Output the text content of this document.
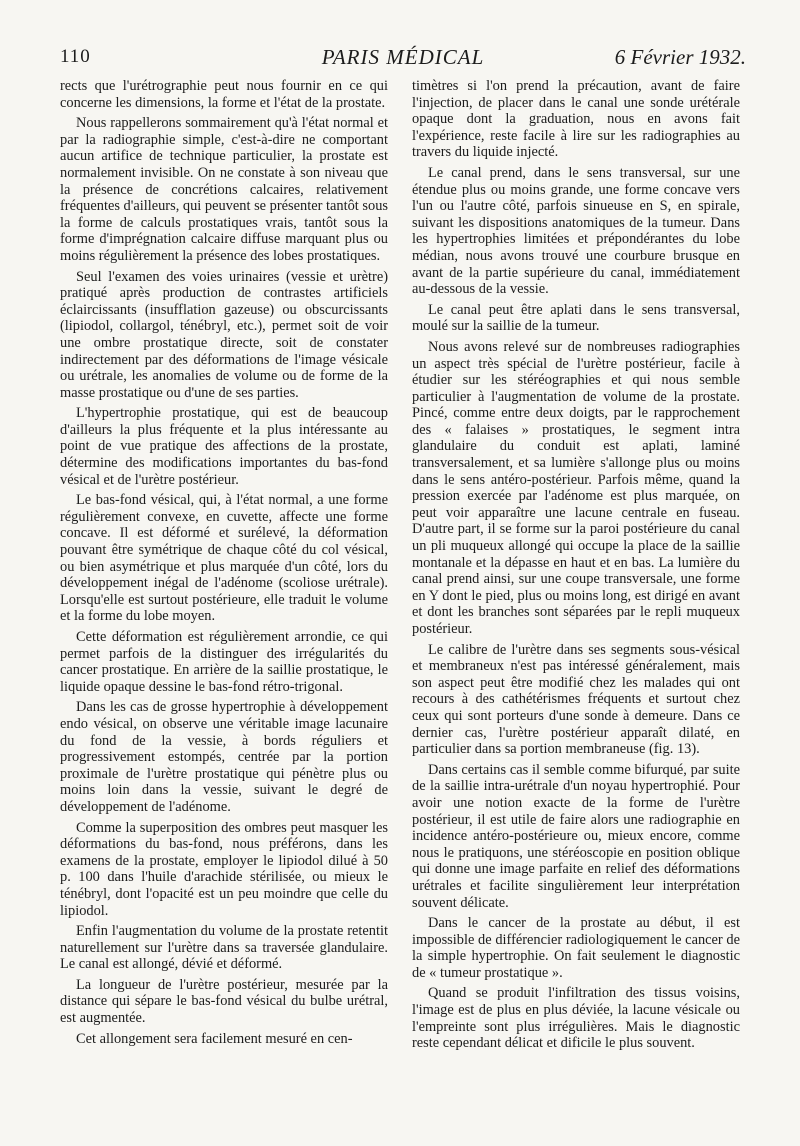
110	PARIS MÉDICAL	6 Février 1932.

rects que l'urétrographie peut nous fournir en ce qui concerne les dimensions, la forme et l'état de la prostate.

Nous rappellerons sommairement qu'à l'état normal et par la radiographie simple, c'est-à-dire ne comportant aucun artifice de technique particulier, la prostate est normalement invisible. On ne constate à son niveau que la présence de concrétions calcaires, relativement fréquentes d'ailleurs, qui peuvent se présenter tantôt sous la forme de calculs prostatiques vrais, tantôt sous la forme d'imprégnation calcaire diffuse marquant plus ou moins régulièrement la présence des lobes prostatiques.

Seul l'examen des voies urinaires (vessie et urètre) pratiqué après production de contrastes artificiels éclaircissants (insufflation gazeuse) ou obscurcissants (lipiodol, collargol, ténébryl, etc.), permet soit de voir une ombre prostatique directe, soit de constater indirectement par des déformations de l'image vésicale ou urétrale, les anomalies de volume ou de forme de la masse prostatique ou d'une de ses parties.

L'hypertrophie prostatique, qui est de beaucoup d'ailleurs la plus fréquente et la plus intéressante au point de vue pratique des affections de la prostate, détermine des modifications importantes du bas-fond vésical et de l'urètre postérieur.

Le bas-fond vésical, qui, à l'état normal, a une forme régulièrement convexe, en cuvette, affecte une forme concave. Il est déformé et surélevé, la déformation pouvant être symétrique de chaque côté du col vésical, ou bien asymétrique et plus marquée d'un côté, lors du développement inégal de l'adénome (scoliose urétrale). Lorsqu'elle est surtout postérieure, elle traduit le volume et la forme du lobe moyen.

Cette déformation est régulièrement arrondie, ce qui permet parfois de la distinguer des irrégularités du cancer prostatique. En arrière de la saillie prostatique, le liquide opaque dessine le bas-fond rétro-trigonal.

Dans les cas de grosse hypertrophie à développement endo vésical, on observe une véritable image lacunaire du fond de la vessie, à bords réguliers et progressivement estompés, centrée par la portion proximale de l'urètre prostatique qui pénètre plus ou moins loin dans la vessie, suivant le degré de développement de l'adénome.

Comme la superposition des ombres peut masquer les déformations du bas-fond, nous préférons, dans les examens de la prostate, employer le lipiodol dilué à 50 p. 100 dans l'huile d'arachide stérilisée, ou mieux le ténébryl, dont l'opacité est un peu moindre que celle du lipiodol.

Enfin l'augmentation du volume de la prostate retentit naturellement sur l'urètre dans sa traversée glandulaire. Le canal est allongé, dévié et déformé.

La longueur de l'urètre postérieur, mesurée par la distance qui sépare le bas-fond vésical du bulbe urétral, est augmentée.

Cet allongement sera facilement mesuré en cen-

timètres si l'on prend la précaution, avant de faire l'injection, de placer dans le canal une sonde urétérale opaque dont la graduation, nous en avons fait l'expérience, reste facile à lire sur les radiographies au travers du liquide injecté.

Le canal prend, dans le sens transversal, sur une étendue plus ou moins grande, une forme concave vers l'un ou l'autre côté, parfois sinueuse en S, en spirale, suivant les dispositions anatomiques de la tumeur. Dans les hypertrophies limitées et prépondérantes du lobe médian, nous avons trouvé une courbure brusque en avant de la partie supérieure du canal, immédiatement au-dessous de la vessie.

Le canal peut être aplati dans le sens transversal, moulé sur la saillie de la tumeur.

Nous avons relevé sur de nombreuses radiographies un aspect très spécial de l'urètre postérieur, facile à étudier sur les stéréographies et qui nous semble particulier à l'augmentation de volume de la prostate. Pincé, comme entre deux doigts, par le rapprochement des « falaises » prostatiques, le segment intra glandulaire du conduit est aplati, laminé transversalement, et sa lumière s'allonge plus ou moins dans le sens antéro-postérieur. Parfois même, quand la pression exercée par l'adénome est plus marquée, on peut voir apparaître une lacune centrale en fuseau. D'autre part, il se forme sur la paroi postérieure du canal un pli muqueux allongé qui occupe la place de la saillie montanale et la dépasse en haut et en bas. La lumière du canal prend ainsi, sur une coupe transversale, une forme en Y dont le pied, plus ou moins long, est dirigé en avant et dont les branches sont séparées par le repli muqueux postérieur.

Le calibre de l'urètre dans ses segments sous-vésical et membraneux n'est pas intéressé généralement, mais son aspect peut être modifié chez les malades qui ont recours à des cathétérismes fréquents et surtout chez ceux qui sont porteurs d'une sonde à demeure. Dans ce dernier cas, l'urètre postérieur apparaît dilaté, en particulier dans sa portion membraneuse (fig. 13).

Dans certains cas il semble comme bifurqué, par suite de la saillie intra-urétrale d'un noyau hypertrophié. Pour avoir une notion exacte de la forme de l'urètre postérieur, il est utile de faire alors une radiographie en incidence antéro-postérieure ou, mieux encore, comme nous le pratiquons, une stéréoscopie en position oblique qui donne une image parfaite en relief des déformations urétrales et facilite singulièrement leur interprétation souvent délicate.

Dans le cancer de la prostate au début, il est impossible de différencier radiologiquement le cancer de la simple hypertrophie. On fait seulement le diagnostic de « tumeur prostatique ».

Quand se produit l'infiltration des tissus voisins, l'image est de plus en plus déviée, la lacune vésicale ou l'empreinte sont plus irrégulières. Mais le diagnostic reste cependant délicat et dificile le plus souvent.
